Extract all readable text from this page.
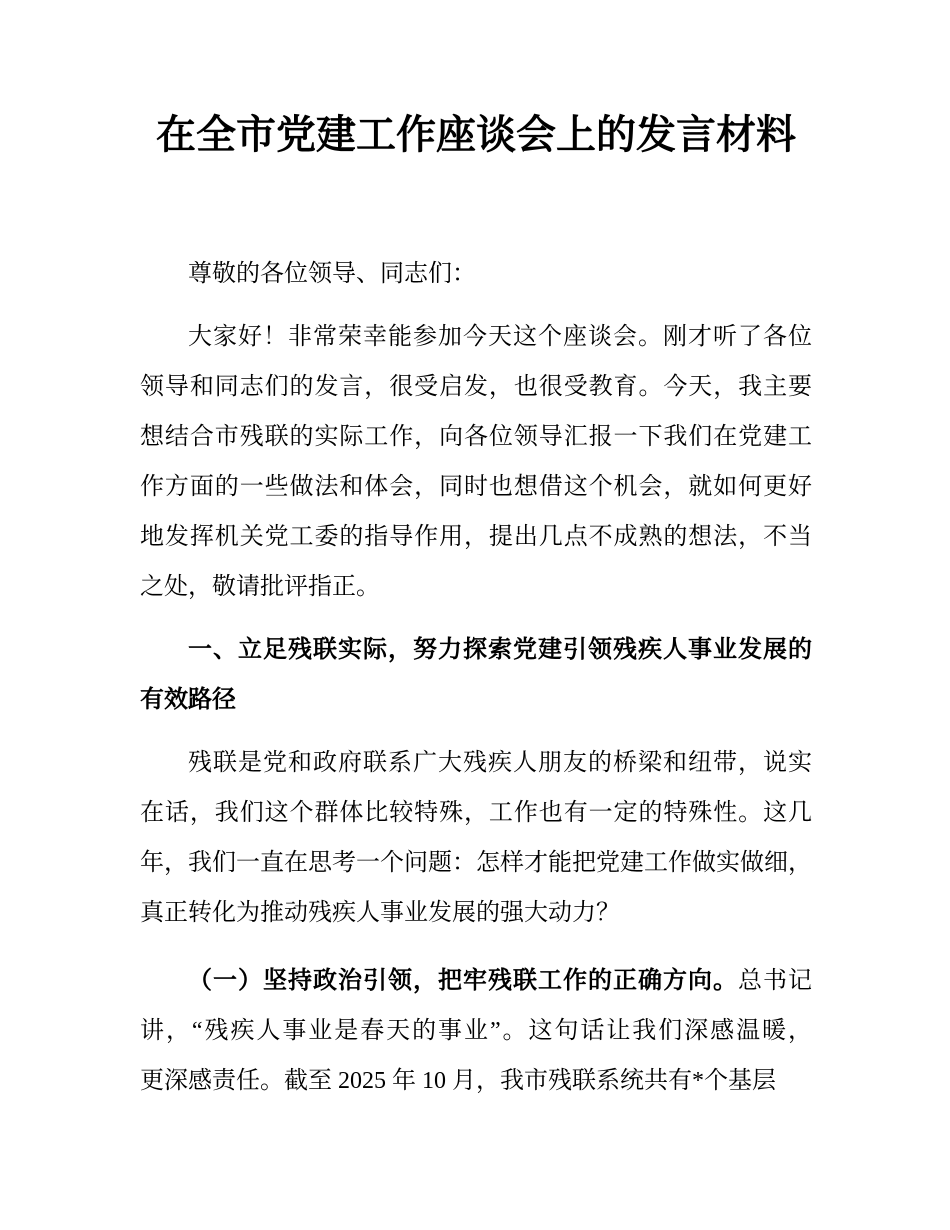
在全市党建工作座谈会上的发言材料
尊敬的各位领导、同志们：
大家好！非常荣幸能参加今天这个座谈会。刚才听了各位
领导和同志们的发言，很受启发，也很受教育。今天，我主要
想结合市残联的实际工作，向各位领导汇报一下我们在党建工
作方面的一些做法和体会，同时也想借这个机会，就如何更好
地发挥机关党工委的指导作用，提出几点不成熟的想法，不当
之处，敬请批评指正。
一、立足残联实际，努力探索党建引领残疾人事业发展的
有效路径
残联是党和政府联系广大残疾人朋友的桥梁和纽带，说实
在话，我们这个群体比较特殊，工作也有一定的特殊性。这几
年，我们一直在思考一个问题：怎样才能把党建工作做实做细，
真正转化为推动残疾人事业发展的强大动力？
（一）坚持政治引领，把牢残联工作的正确方向。总书记
讲，“残疾人事业是春天的事业”。这句话让我们深感温暖，
更深感责任。截至 2025 年 10 月，我市残联系统共有*个基层
